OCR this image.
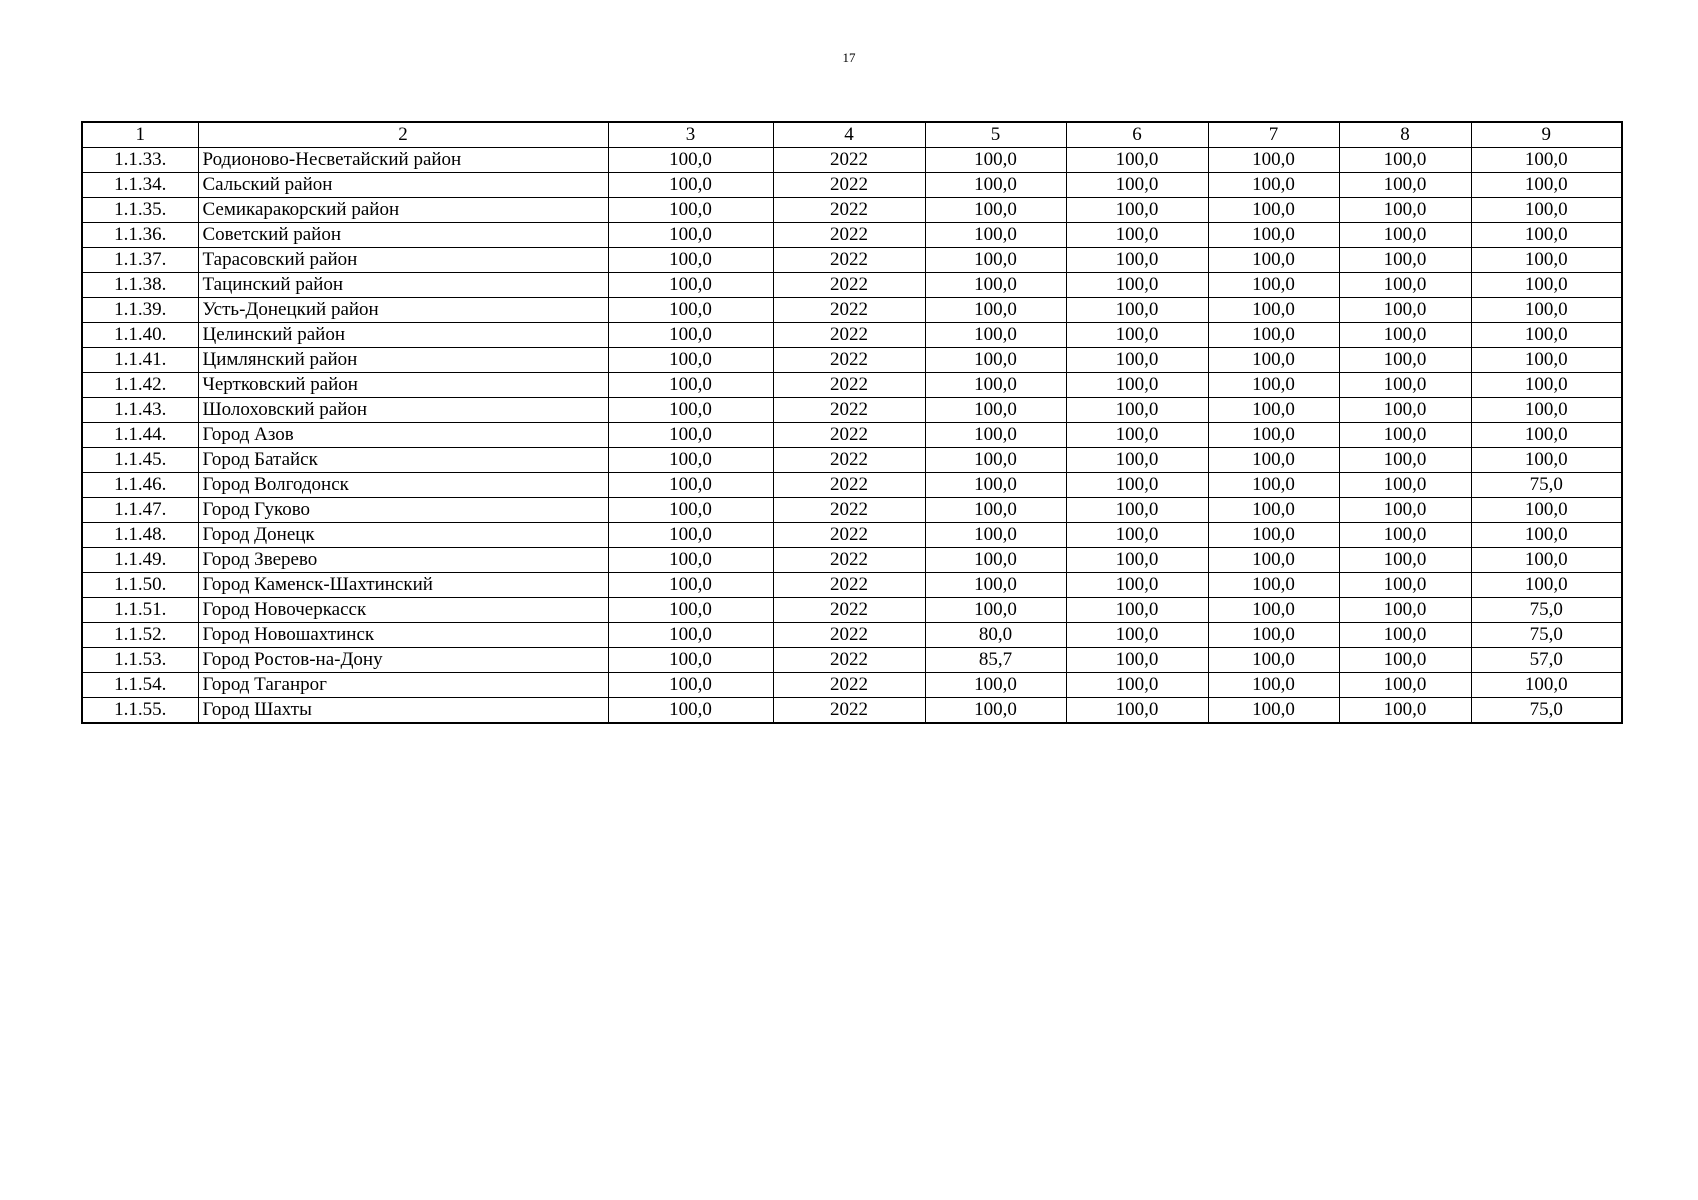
17
1	2	3	4	5	6	7	8	9
1.1.33.	Родионово-Несветайский район	100,0	2022	100,0	100,0	100,0	100,0	100,0
1.1.34.	Сальский район	100,0	2022	100,0	100,0	100,0	100,0	100,0
1.1.35.	Семикаракорский район	100,0	2022	100,0	100,0	100,0	100,0	100,0
1.1.36.	Советский район	100,0	2022	100,0	100,0	100,0	100,0	100,0
1.1.37.	Тарасовский район	100,0	2022	100,0	100,0	100,0	100,0	100,0
1.1.38.	Тацинский район	100,0	2022	100,0	100,0	100,0	100,0	100,0
1.1.39.	Усть-Донецкий район	100,0	2022	100,0	100,0	100,0	100,0	100,0
1.1.40.	Целинский район	100,0	2022	100,0	100,0	100,0	100,0	100,0
1.1.41.	Цимлянский район	100,0	2022	100,0	100,0	100,0	100,0	100,0
1.1.42.	Чертковский район	100,0	2022	100,0	100,0	100,0	100,0	100,0
1.1.43.	Шолоховский район	100,0	2022	100,0	100,0	100,0	100,0	100,0
1.1.44.	Город Азов	100,0	2022	100,0	100,0	100,0	100,0	100,0
1.1.45.	Город Батайск	100,0	2022	100,0	100,0	100,0	100,0	100,0
1.1.46.	Город Волгодонск	100,0	2022	100,0	100,0	100,0	100,0	75,0
1.1.47.	Город Гуково	100,0	2022	100,0	100,0	100,0	100,0	100,0
1.1.48.	Город Донецк	100,0	2022	100,0	100,0	100,0	100,0	100,0
1.1.49.	Город Зверево	100,0	2022	100,0	100,0	100,0	100,0	100,0
1.1.50.	Город Каменск-Шахтинский	100,0	2022	100,0	100,0	100,0	100,0	100,0
1.1.51.	Город Новочеркасск	100,0	2022	100,0	100,0	100,0	100,0	75,0
1.1.52.	Город Новошахтинск	100,0	2022	80,0	100,0	100,0	100,0	75,0
1.1.53.	Город Ростов-на-Дону	100,0	2022	85,7	100,0	100,0	100,0	57,0
1.1.54.	Город Таганрог	100,0	2022	100,0	100,0	100,0	100,0	100,0
1.1.55.	Город Шахты	100,0	2022	100,0	100,0	100,0	100,0	75,0
